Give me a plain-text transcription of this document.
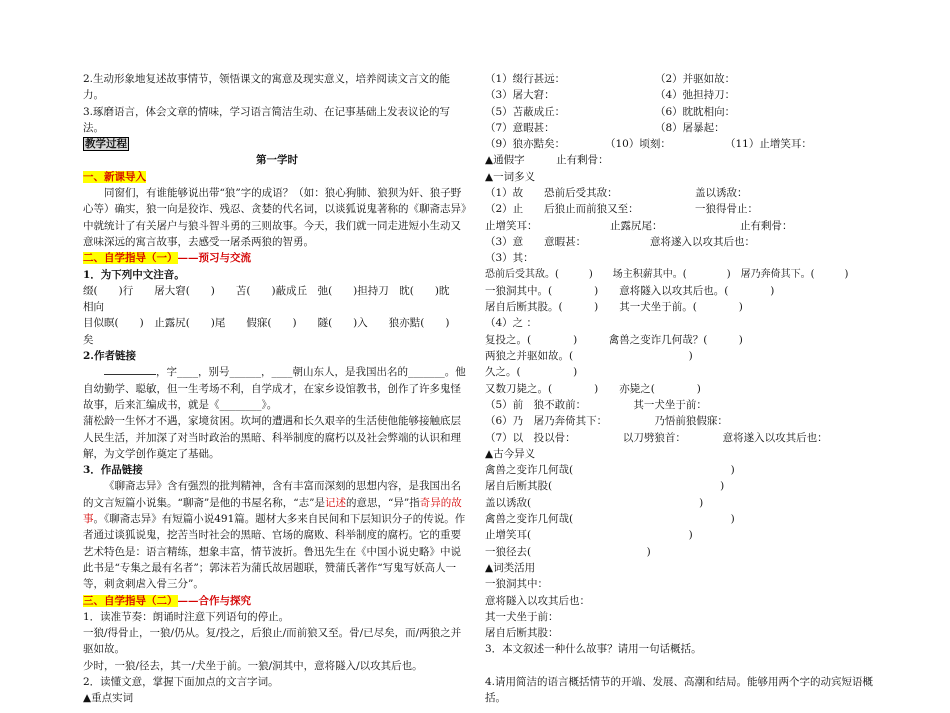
2.生动形象地复述故事情节，领悟课文的寓意及现实意义，培养阅读文言文的能力。

3.琢磨语言，体会文章的情味，学习语言简洁生动、在记事基础上发表议论的写法。

教学过程

第一学时

一、新课导入

同窗们，有谁能够说出带“狼”字的成语？（如：狼心狗肺、狼狈为奸、狼子野心等）确实，狼一向是狡诈、残忍、贪婪的代名词，以谈狐说鬼著称的《聊斋志异》中就统计了有关屠户与狼斗智斗勇的三则故事。今天，我们就一同走进短小生动又意味深远的寓言故事，去感受一屠杀两狼的智勇。

二、自学指导（一）——预习与交流

1．为下列中文注音。

缀(　　)行　　屠大窘(　　)　　苫(　　)蔽成丘　弛(　　)担持刀　眈(　　)眈

相向

目似瞑(　　)　止露尻(　　)尾　　假寐(　　)　　隧(　　)入　　狼亦黠(　　)

矣

2.作者链接

，字____，别号______，____朝山东人，是我国出名的_______。他自幼勤学、聪敏，但一生考场不利，自学成才，在家乡设馆教书，创作了许多鬼怪故事，后来汇编成书，就是《________》。

蒲松龄一生怀才不遇，家境贫困。坎坷的遭遇和长久艰辛的生活使他能够接触底层人民生活，并加深了对当时政治的黑暗、科举制度的腐朽以及社会弊端的认识和理解，为文学创作奠定了基础。

3．作品链接

《聊斋志异》含有强烈的批判精神，含有丰富而深刻的思想内容，是我国出名的文言短篇小说集。“聊斋”是他的书屋名称，“志”是记述的意思，“异”指奇异的故事。《聊斋志异》有短篇小说491篇。题材大多来自民间和下层知识分子的传说。作者通过谈狐说鬼，挖苦当时社会的黑暗、官场的腐败、科举制度的腐朽。它的重要艺术特色是：语言精练，想象丰富，情节波折。鲁迅先生在《中国小说史略》中说此书是“专集之最有名者”；郭沫若为蒲氏故居题联，赞蒲氏著作“写鬼写妖高人一等，刺贪刺虐入骨三分”。

三、自学指导（二）——合作与探究

1．读准节奏：朗诵时注意下列语句的停止。

一狼/得骨止，一狼/仍从。复/投之，后狼止/而前狼又至。骨/已尽矣，而/两狼之并驱如故。

少时，一狼/径去，其一/犬坐于前。一狼/洞其中，意将隧入/以攻其后也。

2．读懂文意，掌握下面加点的文言字词。

▲重点实词

（1）缀行甚远：	（2）并驱如故：
（3）屠大窘：	（4）弛担持刀：
（5）苫蔽成丘：	（6）眈眈相向：
（7）意暇甚：	（8）屠暴起：
（9）狼亦黠矣：	（10）顷刻：	（11）止增笑耳：

▲通假字　　　止有剩骨：

▲一词多义

（1）故　　恐前后受其敌：	盖以诱敌：
（2）止　　后狼止而前狼又至：	一狼得骨止：
止增笑耳：	止露尻尾：	止有剩骨：
（3）意　　意暇甚：	意将遂入以攻其后也：

（3）其：

恐前后受其敌。(　　　)　　场主积薪其中。(　　　　)　屠乃奔倚其下。(　　　)

一狼洞其中。(　　　　)　　意将隧入以攻其后也。(　　　　)

屠自后断其股。(　　　)　　其一犬坐于前。(　　　　)

（4）之 ：

复投之。(　　　　)　　　禽兽之变诈几何哉？(　　　)

两狼之并驱如故。(　　　　　　　　　　　)

久之。(　　　　　)

又数刀毙之。(　　　　)　　亦毙之(　　　　)

（5）前　狼不敢前：　　　　　其一犬坐于前：

（6）乃　屠乃奔倚其下：　　　　　乃悟前狼假寐：

（7）以　投以骨：　　　　　以刀劈狼首：　　　　意将遂入以攻其后也：

▲古今异义

禽兽之变诈几何哉(　　　　　　　　　　　　　　　)

屠自后断其股(　　　　　　　　　　　　　　　　)

盖以诱敌(　　　　　　　　　　　　　　　　)

禽兽之变诈几何哉(　　　　　　　　　　　　　　　)

止增笑耳(　　　　　　　　　　　　　　　)

一狼径去(　　　　　　　　　　　)

▲词类活用

一狼洞其中：

意将隧入以攻其后也：

其一犬坐于前：

屠自后断其股：

3．本文叙述一种什么故事？请用一句话概括。

4.请用简洁的语言概括情节的开端、发展、高潮和结局。能够用两个字的动宾短语概括。
